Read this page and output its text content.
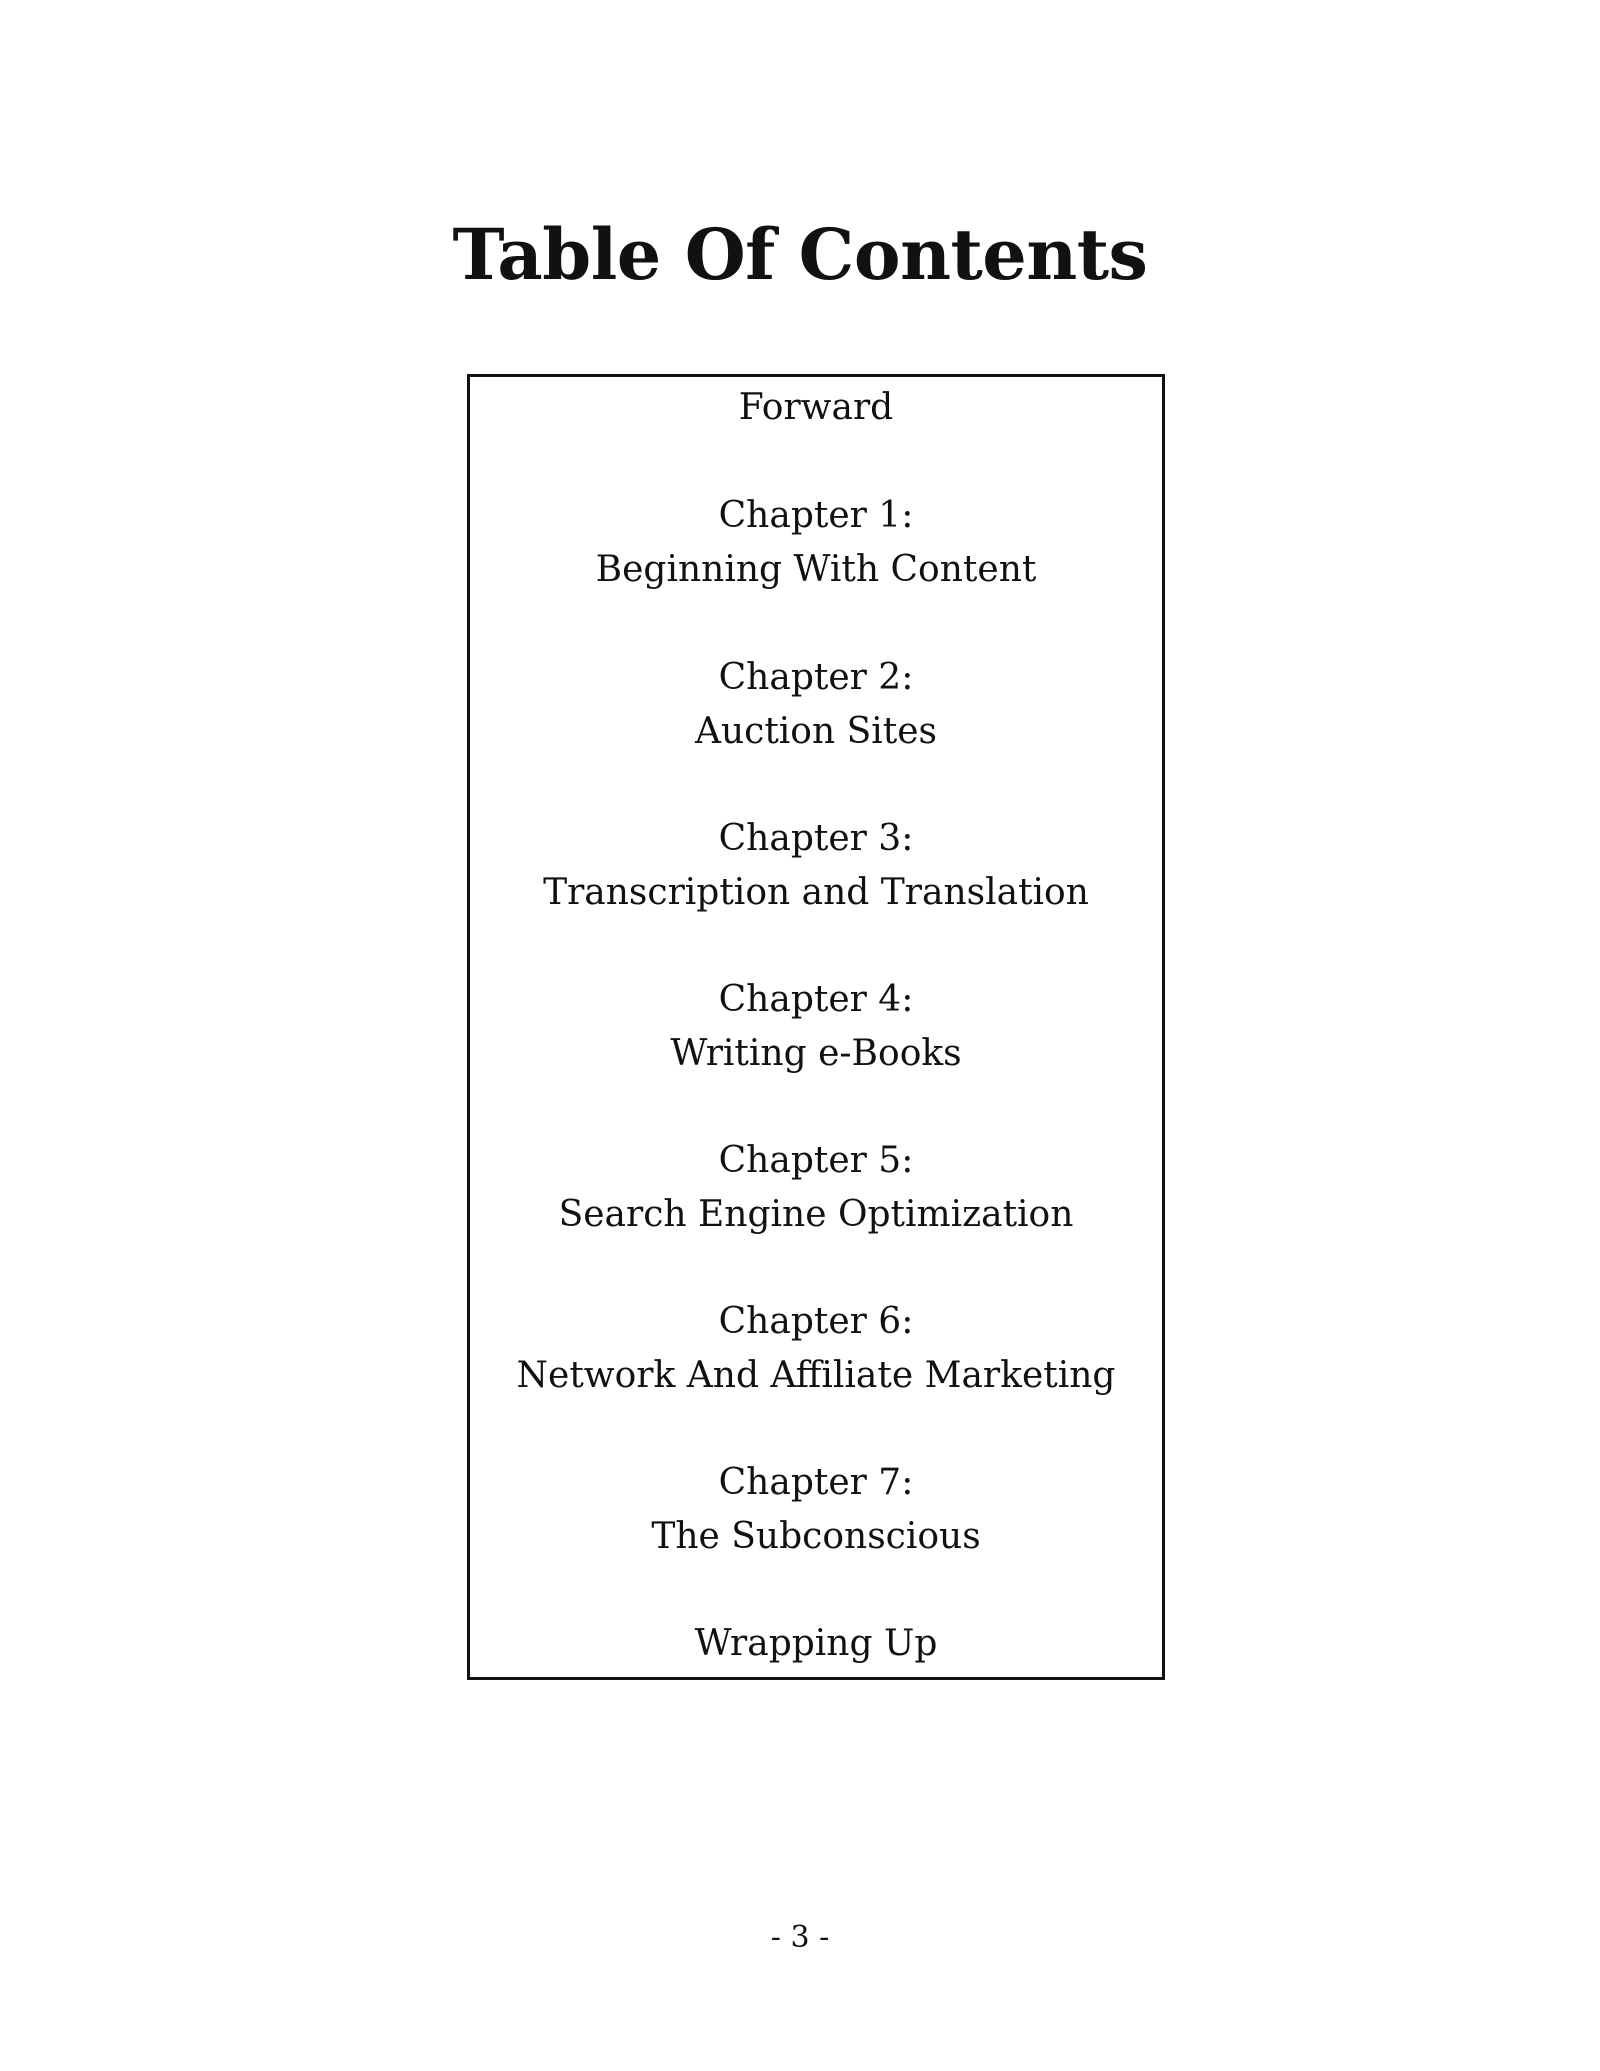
Table Of Contents
Forward
Chapter 1:
Beginning With Content
Chapter 2:
Auction Sites
Chapter 3:
Transcription and Translation
Chapter 4:
Writing e-Books
Chapter 5:
Search Engine Optimization
Chapter 6:
Network And Affiliate Marketing
Chapter 7:
The Subconscious
Wrapping Up
- 3 -
